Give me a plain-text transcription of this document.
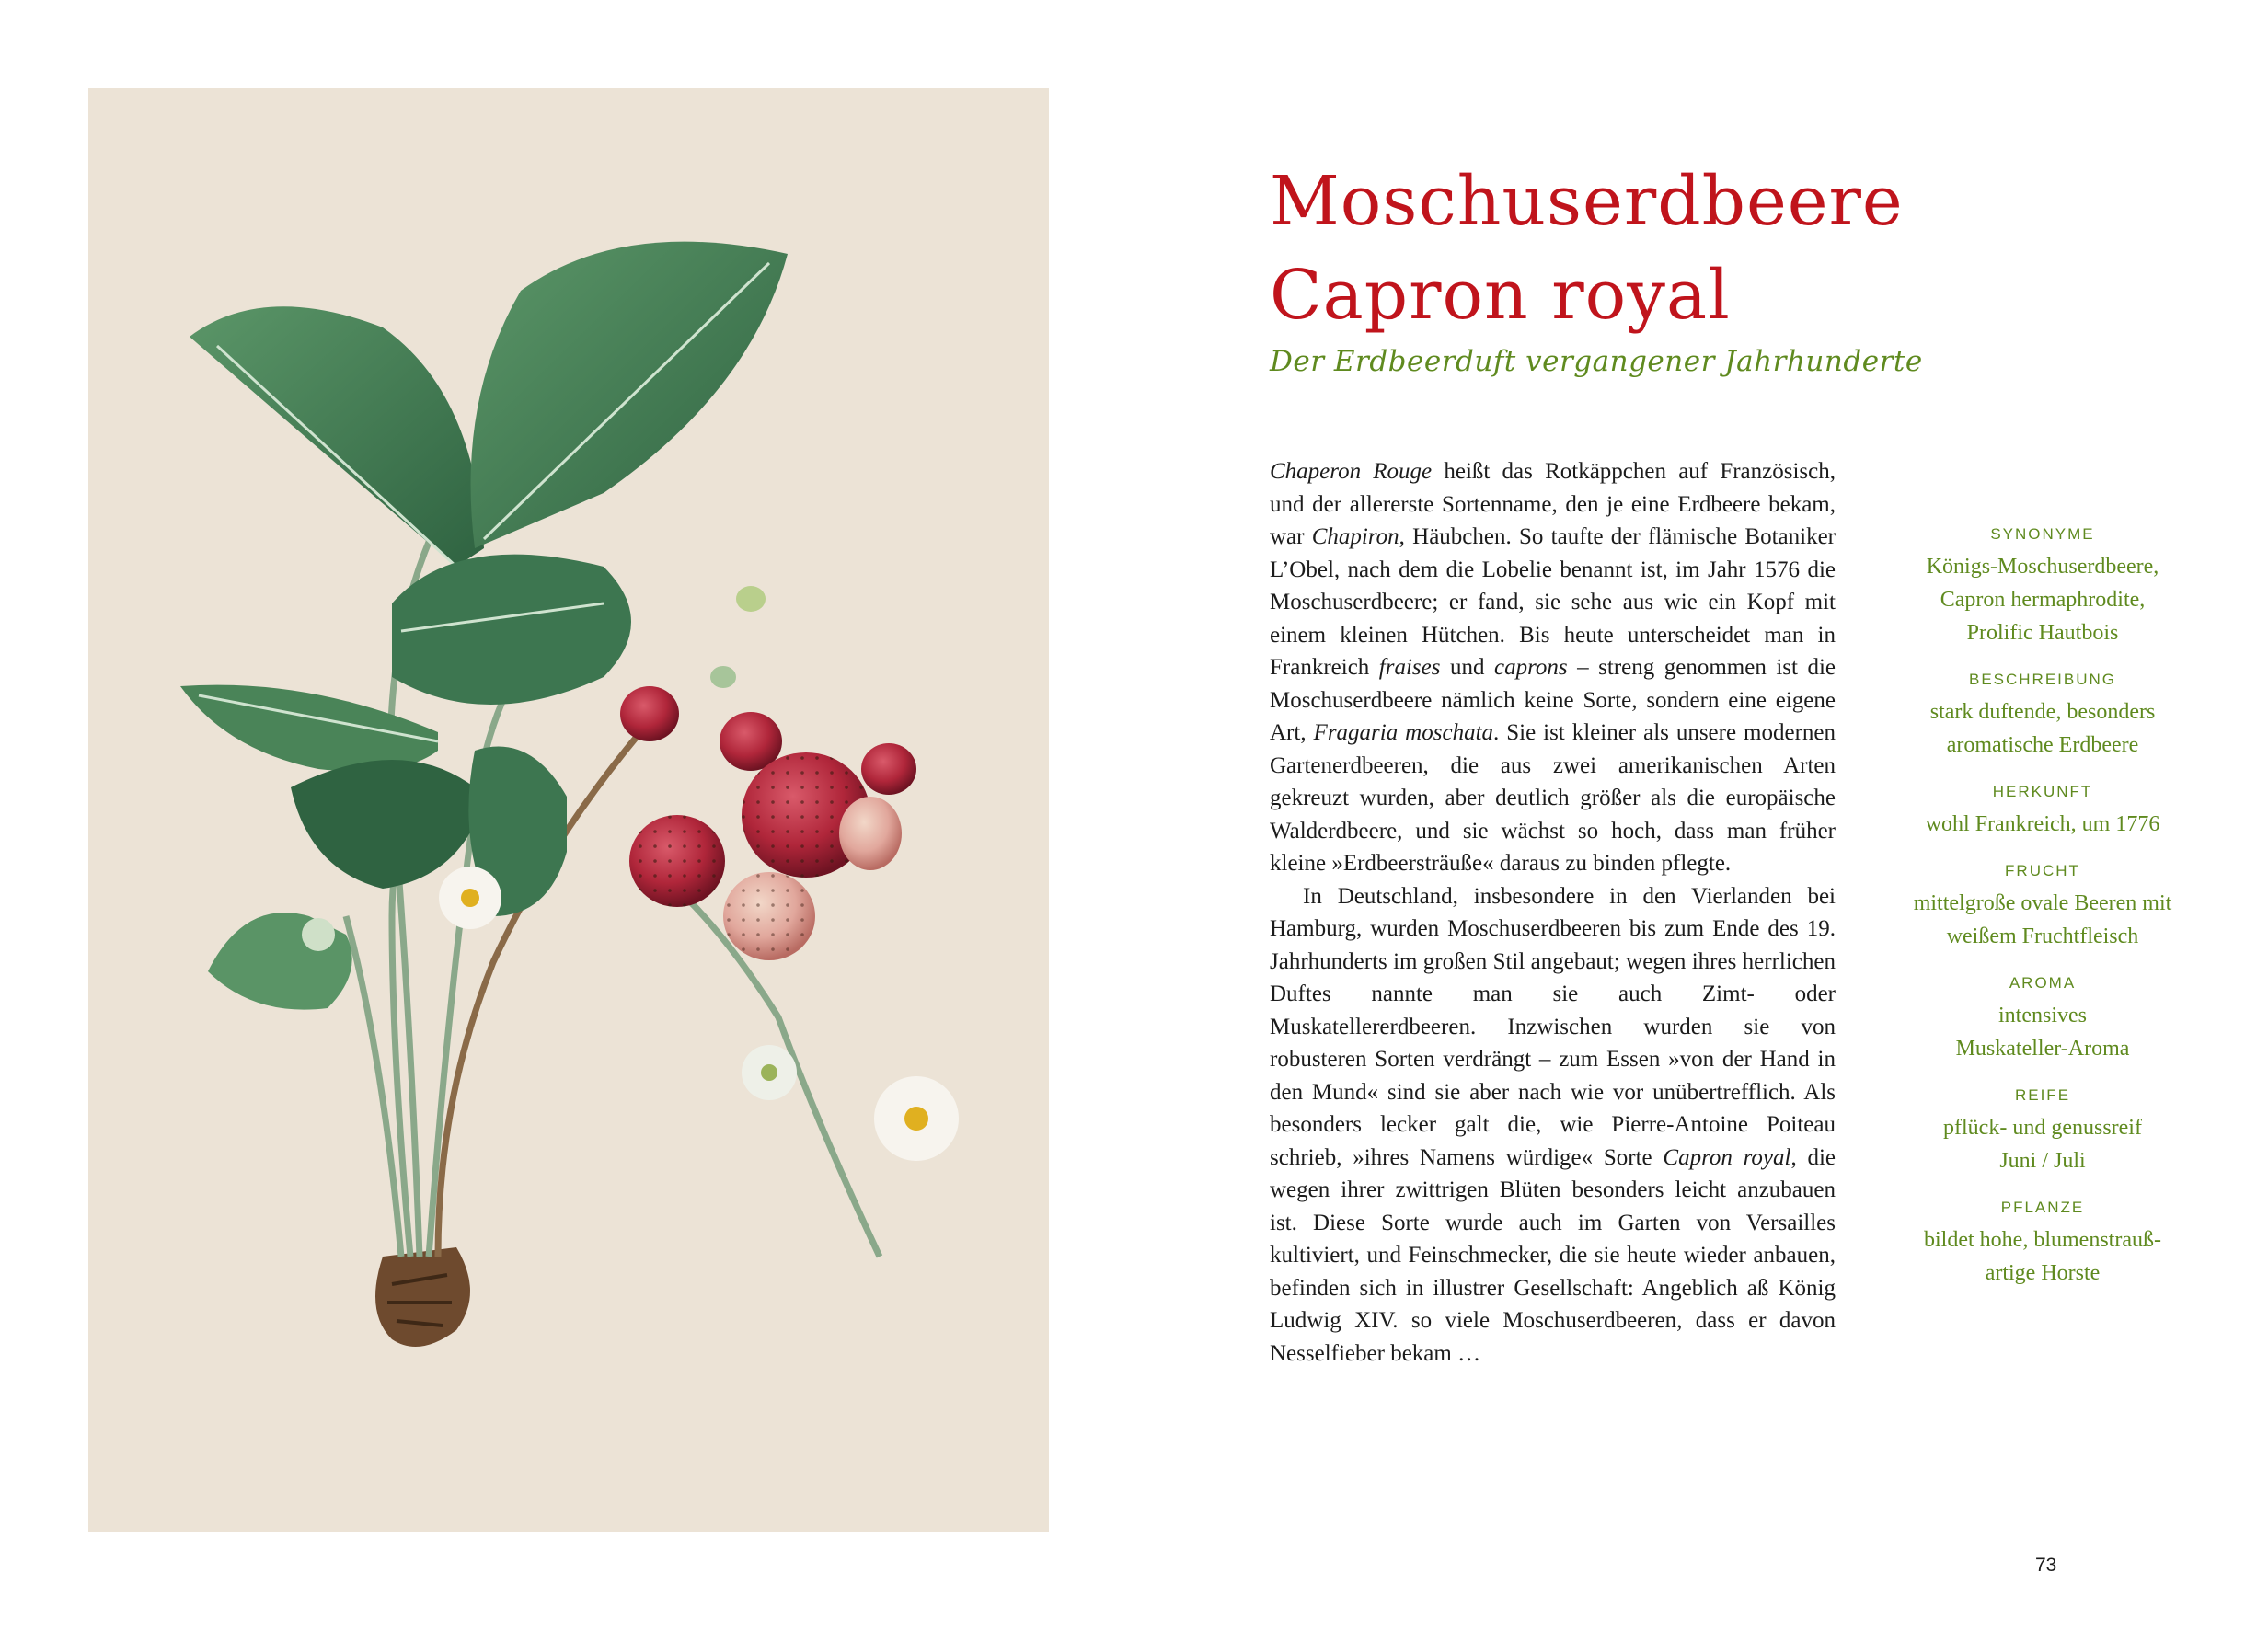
Moschuserdbeere
Capron royal
Der Erdbeerduft vergangener Jahrhunderte

Chaperon Rouge heißt das Rotkäppchen auf Französisch, und der allererste Sortenname, den je eine Erdbeere bekam, war Chapiron, Häubchen. So taufte der flämische Botaniker L’Obel, nach dem die Lobelie benannt ist, im Jahr 1576 die Moschuserdbeere; er fand, sie sehe aus wie ein Kopf mit einem kleinen Hütchen. Bis heute unterscheidet man in Frankreich fraises und caprons – streng genommen ist die Moschuserdbeere nämlich keine Sorte, sondern eine eigene Art, Fragaria moschata. Sie ist kleiner als unsere modernen Gartenerdbeeren, die aus zwei amerikanischen Arten gekreuzt wurden, aber deutlich größer als die europäische Walderdbeere, und sie wächst so hoch, dass man früher kleine »Erdbeersträuße« daraus zu binden pflegte.

In Deutschland, insbesondere in den Vierlanden bei Hamburg, wurden Moschuserdbeeren bis zum Ende des 19. Jahrhunderts im großen Stil angebaut; wegen ihres herrlichen Duftes nannte man sie auch Zimt- oder Muskatellererdbeeren. Inzwischen wurden sie von robusteren Sorten verdrängt – zum Essen »von der Hand in den Mund« sind sie aber nach wie vor unübertrefflich. Als besonders lecker galt die, wie Pierre-Antoine Poiteau schrieb, »ihres Namens würdige« Sorte Capron royal, die wegen ihrer zwittrigen Blüten besonders leicht anzubauen ist. Diese Sorte wurde auch im Garten von Versailles kultiviert, und Feinschmecker, die sie heute wieder anbauen, befinden sich in illustrer Gesellschaft: Angeblich aß König Ludwig XIV. so viele Moschuserdbeeren, dass er davon Nesselfieber bekam …

SYNONYME
Königs-Moschuserdbeere,
Capron hermaphrodite,
Prolific Hautbois
BESCHREIBUNG
stark duftende, besonders
aromatische Erdbeere
HERKUNFT
wohl Frankreich, um 1776
FRUCHT
mittelgroße ovale Beeren mit
weißem Fruchtfleisch
AROMA
intensives
Muskateller-Aroma
REIFE
pflück- und genussreif
Juni / Juli
PFLANZE
bildet hohe, blumenstrauß-
artige Horste
73
